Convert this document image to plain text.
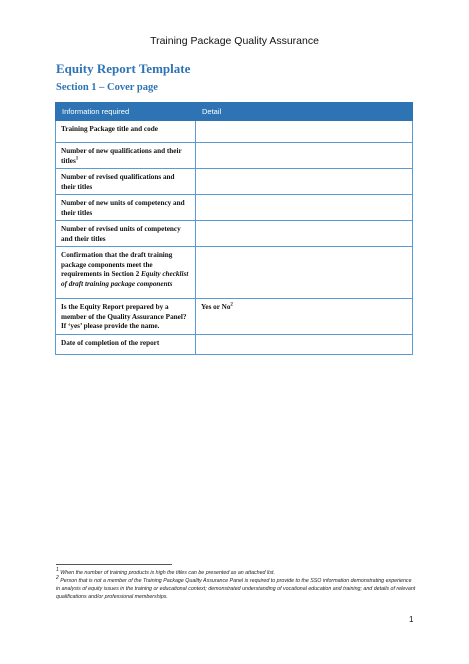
Training Package Quality Assurance
Equity Report Template
Section 1 – Cover page
Information required	Detail
Training Package title and code	
Number of new qualifications and their titles$^1$	
Number of revised qualifications and their titles	
Number of new units of competency and their titles	
Number of revised units of competency and their titles	
Confirmation that the draft training package components meet the requirements in Section 2 Equity checklist of draft training package components	
Is the Equity Report prepared by a member of the Quality Assurance Panel? If ‘yes’ please provide the name.	Yes or No$^2$
Date of completion of the report	

$^1$ When the number of training products is high the titles can be presented as an attached list.

$^2$ Person that is not a member of the Training Package Quality Assurance Panel is required to provide to the SSO information demonstrating experience in analysis of equity issues in the training or educational context; demonstrated understanding of vocational education and training; and details of relevant qualifications and/or professional memberships.

1
